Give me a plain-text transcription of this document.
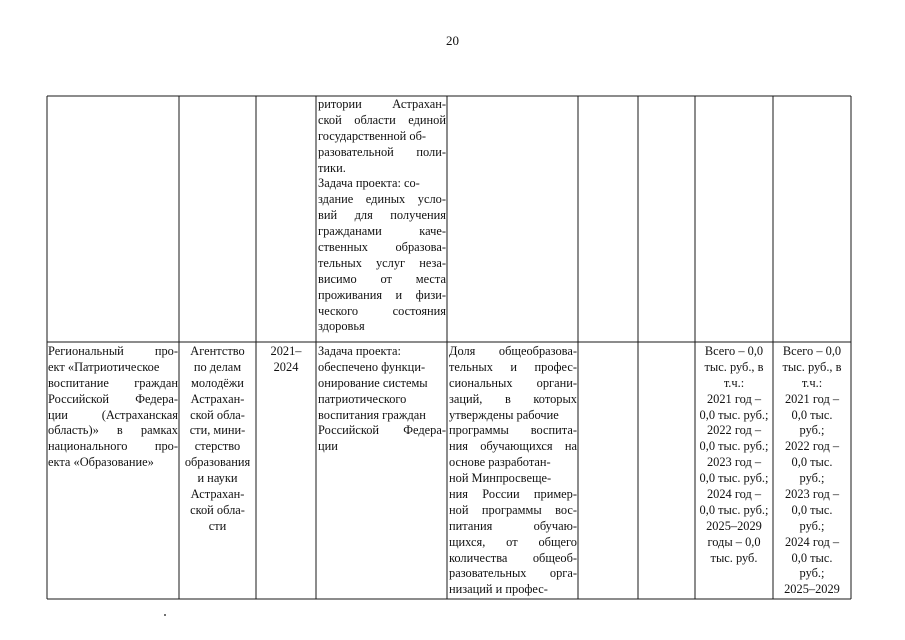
20
ритории Астрахан-
ской области единой
государственной об-
разовательной поли-
тики.
Задача проекта: со-
здание единых усло-
вий для получения
гражданами каче-
ственных образова-
тельных услуг неза-
висимо от места
проживания и физи-
ческого состояния
здоровья
Региональный про-
ект «Патриотическое
воспитание граждан
Российской Федера-
ции (Астраханская
область)» в рамках
национального про-
екта «Образование»
Агентство
по делам
молодёжи
Астрахан-
ской обла-
сти, мини-
стерство
образования
и науки
Астрахан-
ской обла-
сти
2021–
2024
Задача проекта:
обеспечено функци-
онирование системы
патриотического
воспитания граждан
Российской Федера-
ции
Доля общеобразова-
тельных и профес-
сиональных органи-
заций, в которых
утверждены рабочие
программы воспита-
ния обучающихся на
основе разработан-
ной Минпросвеще-
ния России пример-
ной программы вос-
питания обучаю-
щихся, от общего
количества общеоб-
разовательных орга-
низаций и профес-
Всего – 0,0
тыс. руб., в
т.ч.:
2021 год –
0,0 тыс. руб.;
2022 год –
0,0 тыс. руб.;
2023 год –
0,0 тыс. руб.;
2024 год –
0,0 тыс. руб.;
2025–2029
годы – 0,0
тыс. руб.
Всего – 0,0
тыс. руб., в
т.ч.:
2021 год –
0,0 тыс.
руб.;
2022 год –
0,0 тыс.
руб.;
2023 год –
0,0 тыс.
руб.;
2024 год –
0,0 тыс.
руб.;
2025–2029
